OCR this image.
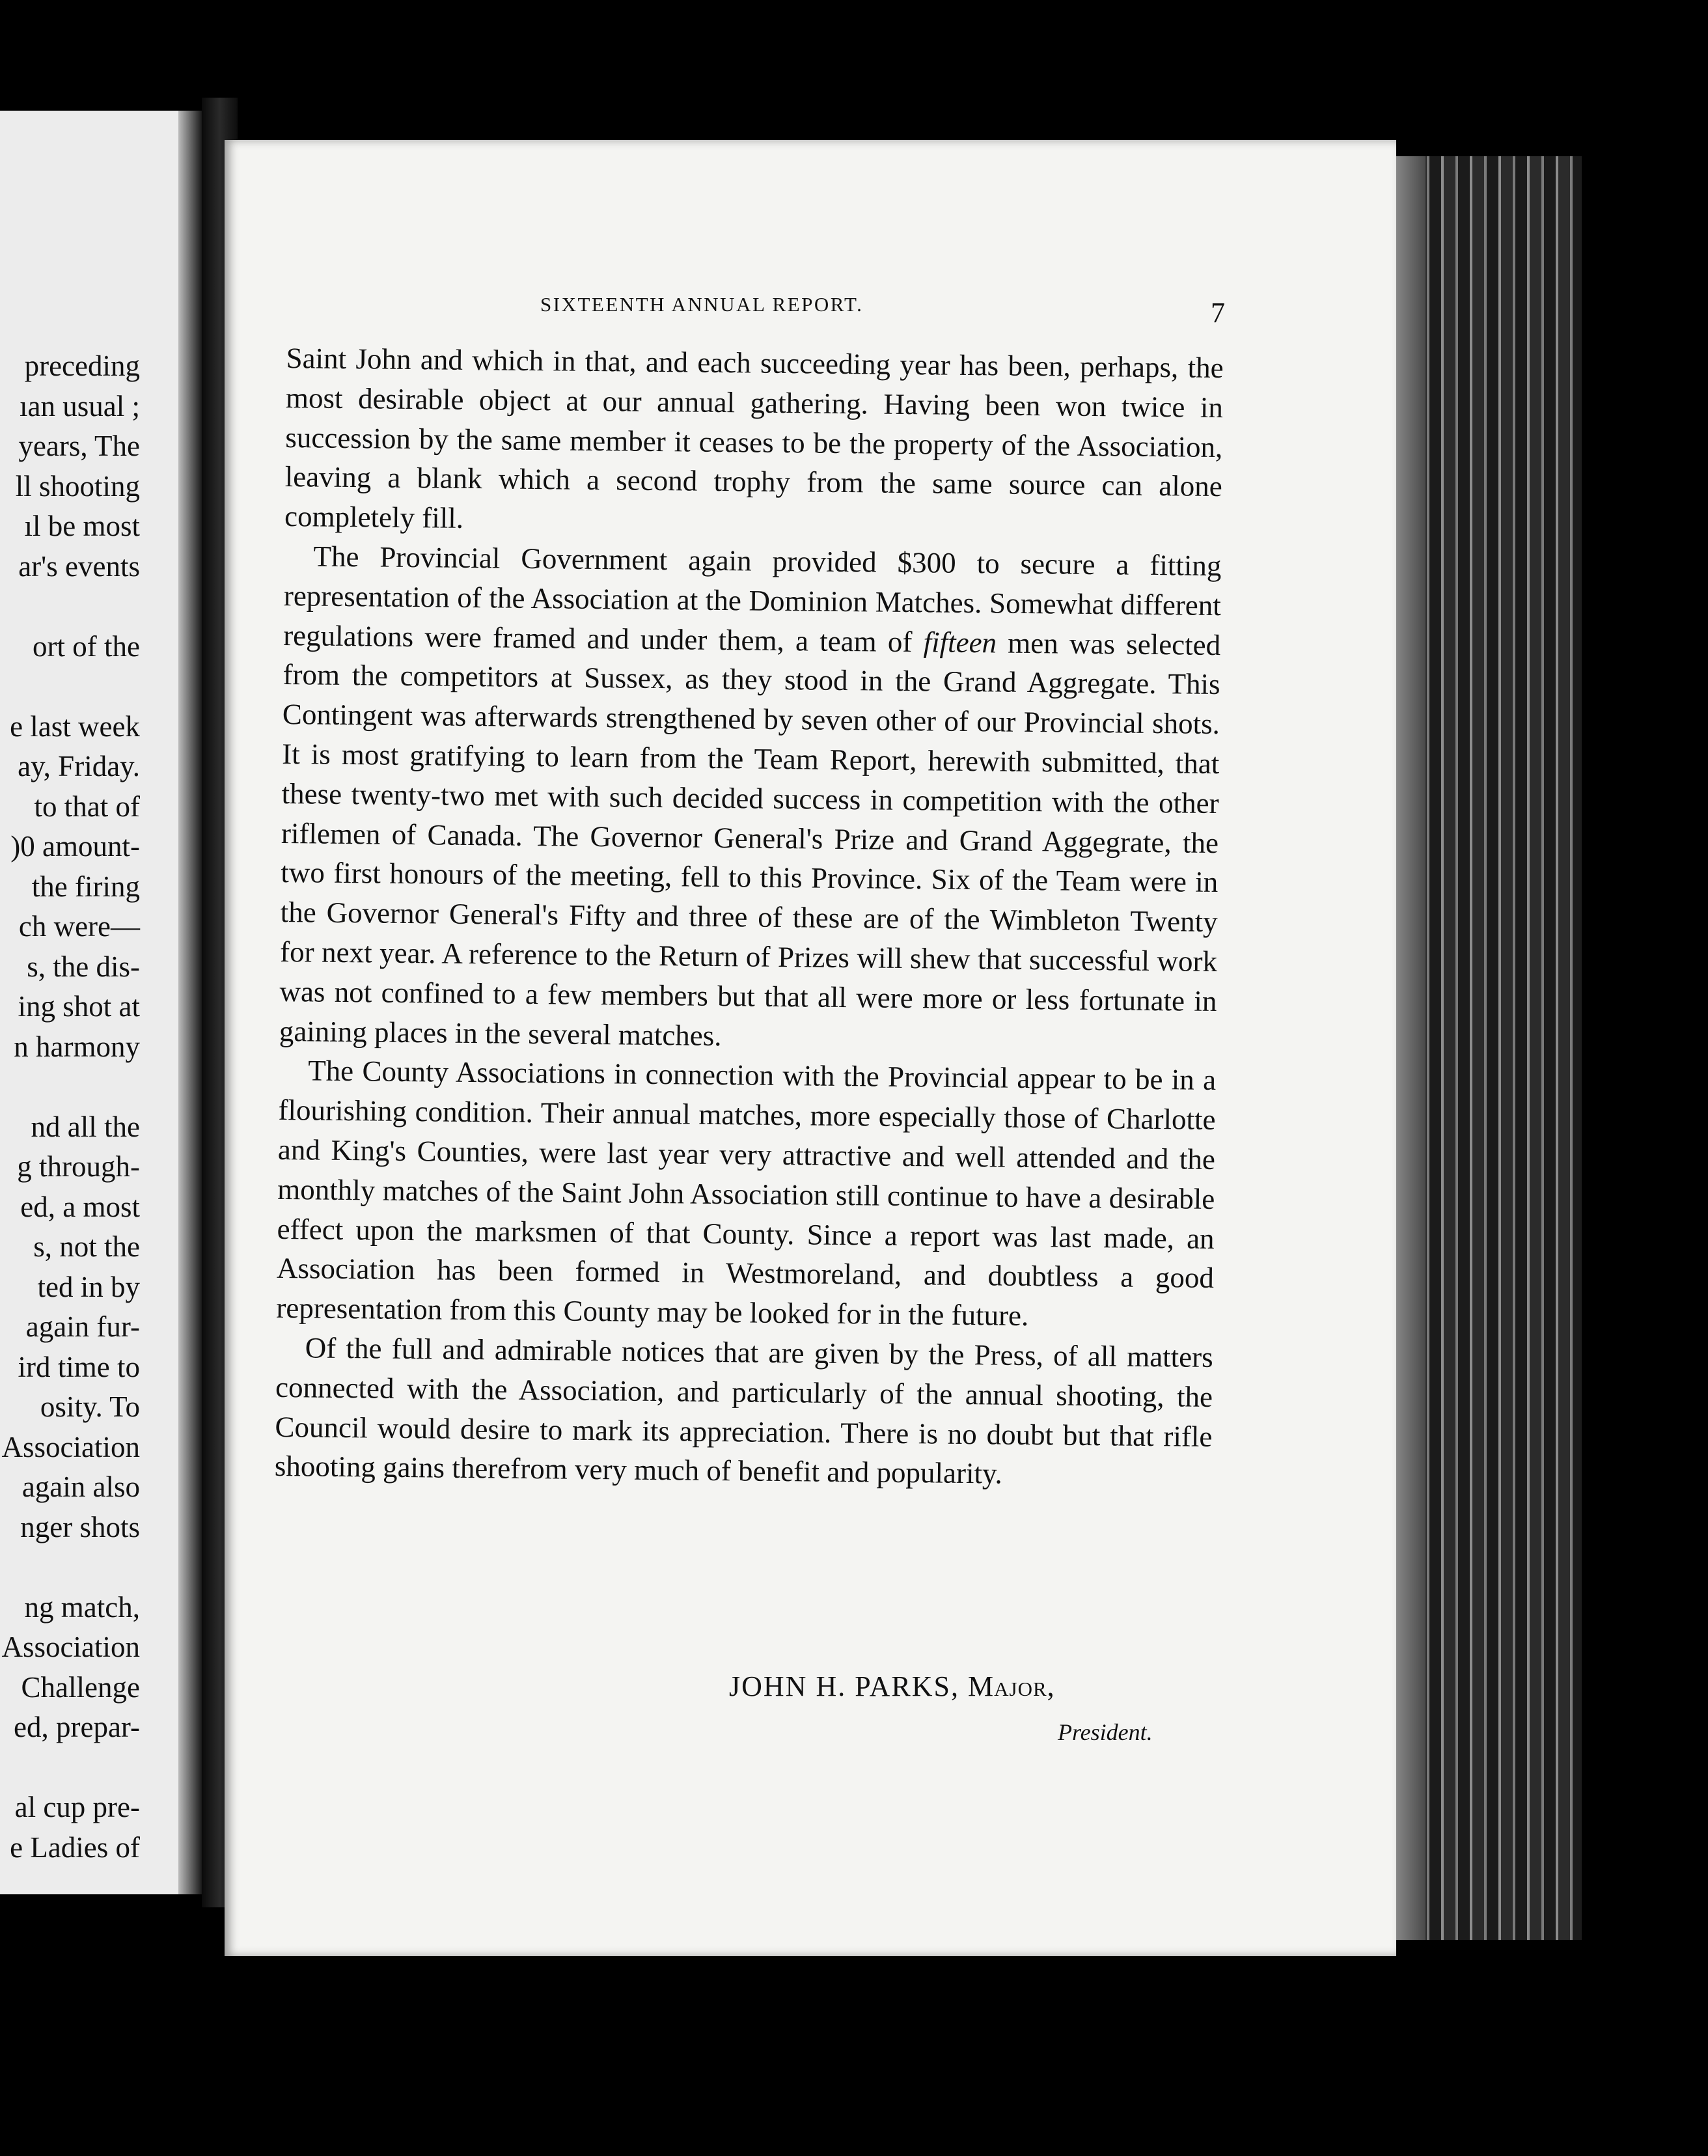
preceding
ıan usual ;
years, The
ll shooting
ıl be most
ar's events
ort of the
e last week
ay, Friday.
to that of
)0 amount-
the firing
ch were—
s, the dis-
ing shot at
n harmony
nd all the
g through-
ed, a most
s, not the
ted in by
again fur-
ird time to
osity. To
Association
again also
nger shots
ng match,
Association
Challenge
ed, prepar-
al cup pre-
e Ladies of
SIXTEENTH ANNUAL REPORT.	7

Saint John and which in that, and each succeeding year has been, perhaps, the most desirable object at our annual gathering. Having been won twice in succession by the same member it ceases to be the property of the Association, leaving a blank which a second trophy from the same source can alone completely fill.

The Provincial Government again provided $300 to secure a fitting representation of the Association at the Dominion Matches. Somewhat different regulations were framed and under them, a team of fifteen men was selected from the competitors at Sussex, as they stood in the Grand Aggregate. This Contingent was afterwards strengthened by seven other of our Provincial shots. It is most gratifying to learn from the Team Report, herewith submitted, that these twenty-two met with such decided success in competition with the other riflemen of Canada. The Governor General's Prize and Grand Aggegrate, the two first honours of the meeting, fell to this Province. Six of the Team were in the Governor General's Fifty and three of these are of the Wimbleton Twenty for next year. A reference to the Return of Prizes will shew that successful work was not confined to a few members but that all were more or less fortunate in gaining places in the several matches.

The County Associations in connection with the Provincial appear to be in a flourishing condition. Their annual matches, more especially those of Charlotte and King's Counties, were last year very attractive and well attended and the monthly matches of the Saint John Association still continue to have a desirable effect upon the marksmen of that County. Since a report was last made, an Association has been formed in Westmoreland, and doubtless a good representation from this County may be looked for in the future.

Of the full and admirable notices that are given by the Press, of all matters connected with the Association, and particularly of the annual shooting, the Council would desire to mark its appreciation. There is no doubt but that rifle shooting gains therefrom very much of benefit and popularity.

JOHN H. PARKS, Major,
President.
